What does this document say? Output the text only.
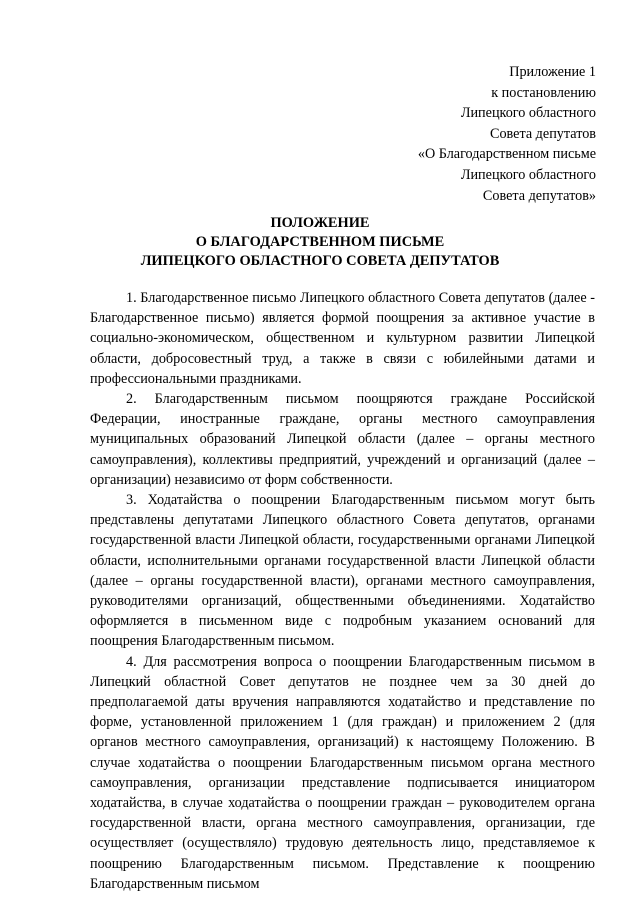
Приложение 1
к постановлению
Липецкого областного
Совета депутатов
«О Благодарственном письме
Липецкого областного
Совета депутатов»
ПОЛОЖЕНИЕ
О БЛАГОДАРСТВЕННОМ ПИСЬМЕ
ЛИПЕЦКОГО ОБЛАСТНОГО СОВЕТА ДЕПУТАТОВ

1. Благодарственное письмо Липецкого областного Совета депутатов (далее - Благодарственное письмо) является формой поощрения за активное участие в социально-экономическом, общественном и культурном развитии Липецкой области, добросовестный труд, а также в связи с юбилейными датами и профессиональными праздниками.

2. Благодарственным письмом поощряются граждане Российской Федерации, иностранные граждане, органы местного самоуправления муниципальных образований Липецкой области (далее – органы местного самоуправления), коллективы предприятий, учреждений и организаций (далее – организации) независимо от форм собственности.

3. Ходатайства о поощрении Благодарственным письмом могут быть представлены депутатами Липецкого областного Совета депутатов, органами государственной власти Липецкой области, государственными органами Липецкой области, исполнительными органами государственной власти Липецкой области (далее – органы государственной власти), органами местного самоуправления, руководителями организаций, общественными объединениями. Ходатайство оформляется в письменном виде с подробным указанием оснований для поощрения Благодарственным письмом.

4. Для рассмотрения вопроса о поощрении Благодарственным письмом в Липецкий областной Совет депутатов не позднее чем за 30 дней до предполагаемой даты вручения направляются ходатайство и представление по форме, установленной приложением 1 (для граждан) и приложением 2 (для органов местного самоуправления, организаций) к настоящему Положению. В случае ходатайства о поощрении Благодарственным письмом органа местного самоуправления, организации представление подписывается инициатором ходатайства, в случае ходатайства о поощрении граждан – руководителем органа государственной власти, органа местного самоуправления, организации, где осуществляет (осуществляло) трудовую деятельность лицо, представляемое к поощрению Благодарственным письмом. Представление к поощрению Благодарственным письмом
